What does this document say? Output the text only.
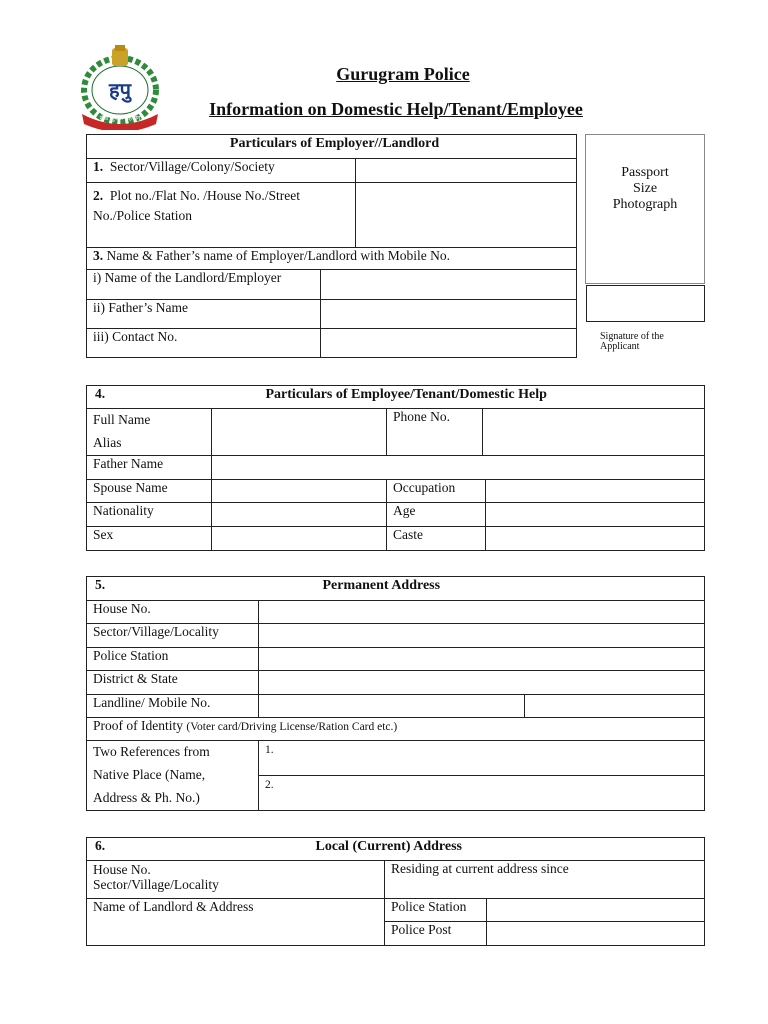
हपु
सेवा सुरक्षा सहयोग
Gurugram Police
Information on Domestic Help/Tenant/Employee
Particulars of Employer//Landlord		
1. Sector/Village/Colony/Society		
2. Plot no./Flat No. /House No./Street No./Police Station		
3. Name & Father’s name of Employer/Landlord with Mobile No.		
i) Name of the Landlord/Employer		
ii) Father’s Name		
iii) Contact No.		
Passport
Size
Photograph
Signature of the Applicant
4.	Particulars of Employee/Tenant/Domestic Help			
Full Name
Alias		Phone No.		
Father Name				
Spouse Name		Occupation		
Nationality		Age		
Sex		Caste		
5.	Permanent Address	
House No.		
Sector/Village/Locality		
Police Station		
District & State		
Landline/ Mobile No.		
Proof of Identity (Voter card/Driving License/Ration Card etc.)		
Two References from Native Place (Name, Address & Ph. No.)	1.	
	2.	
6.	Local (Current) Address
House No.
Sector/Village/Locality	Residing at current address since
Name of Landlord & Address	Police Station	
Police Post	
